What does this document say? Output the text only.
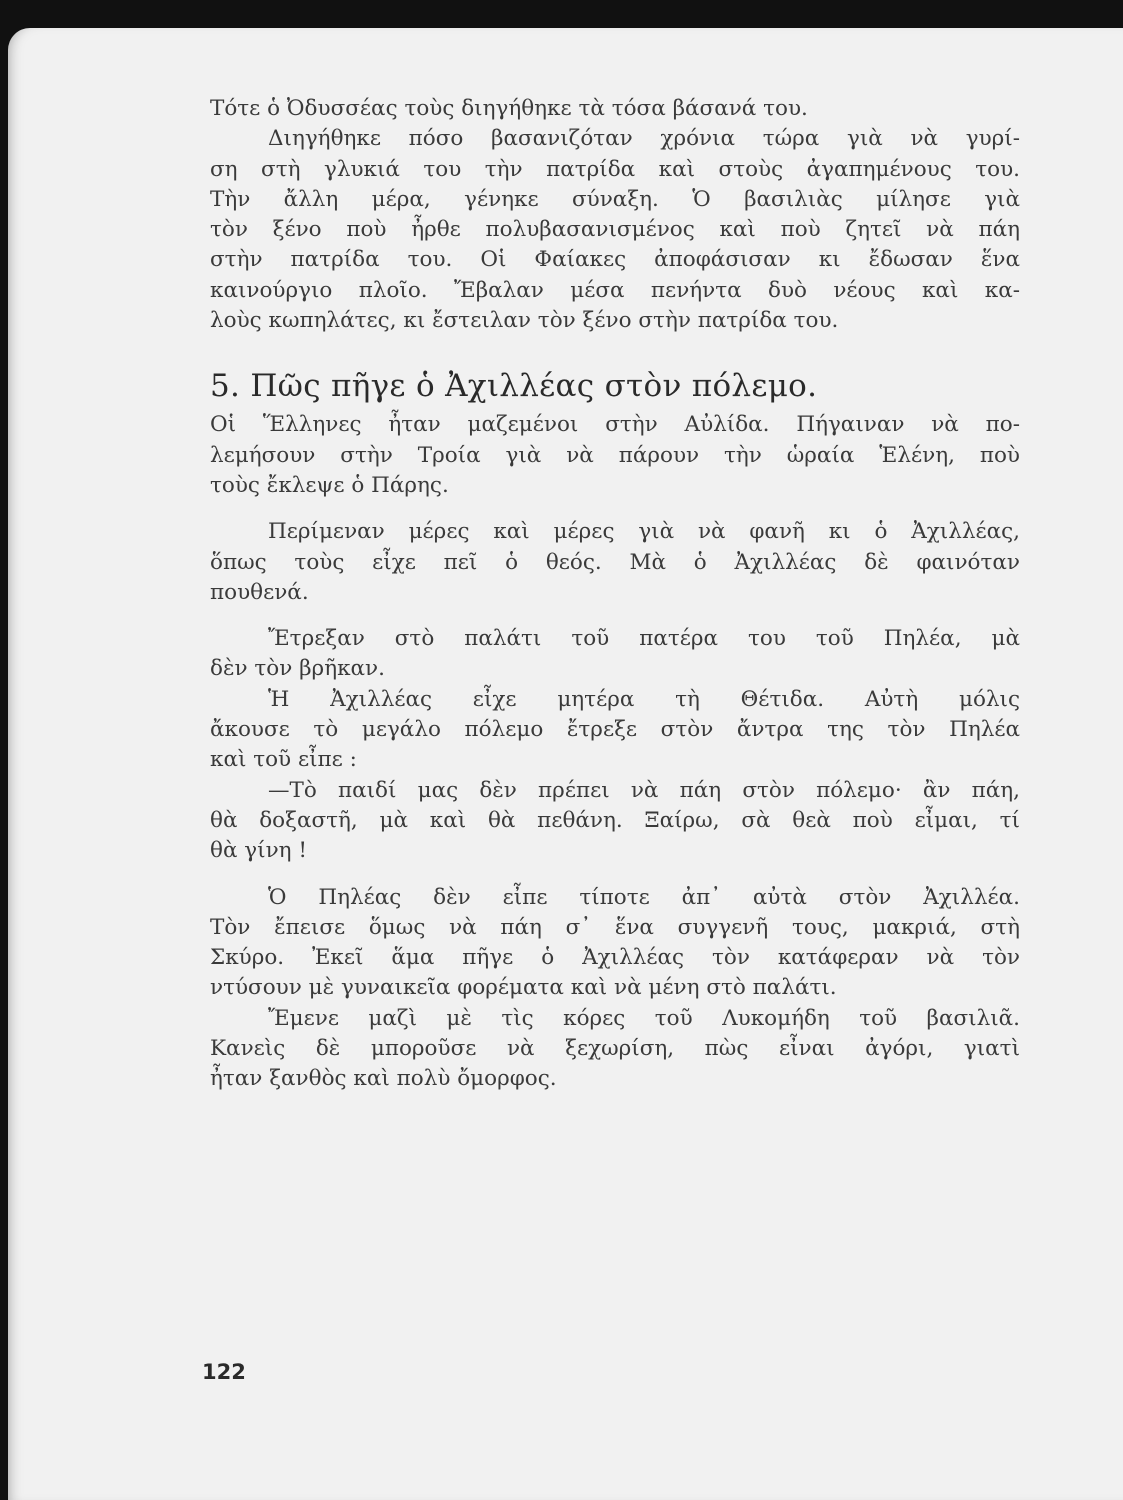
Τότε ὁ Ὀδυσσέας τοὺς διηγήθηκε τὰ τόσα βάσανά του.
Διηγήθηκε πόσο βασανιζόταν χρόνια τώρα γιὰ νὰ γυρί-
ση στὴ γλυκιά του τὴν πατρίδα καὶ στοὺς ἀγαπημένους του.
Τὴν ἄλλη μέρα, γένηκε σύναξη. Ὁ βασιλιὰς μίλησε γιὰ
τὸν ξένο ποὺ ἦρθε πολυβασανισμένος καὶ ποὺ ζητεῖ νὰ πάη
στὴν πατρίδα του. Οἱ Φαίακες ἀποφάσισαν κι ἔδωσαν ἕνα
καινούργιο πλοῖο. Ἔβαλαν μέσα πενήντα δυὸ νέους καὶ κα-
λοὺς κωπηλάτες, κι ἔστειλαν τὸν ξένο στὴν πατρίδα του.
5. Πῶς πῆγε ὁ Ἀχιλλέας στὸν πόλεμο.
Οἱ Ἕλληνες ἦταν μαζεμένοι στὴν Αὐλίδα. Πήγαιναν νὰ πο-
λεμήσουν στὴν Τροία γιὰ νὰ πάρουν τὴν ὡραία Ἑλένη, ποὺ
τοὺς ἔκλεψε ὁ Πάρης.
Περίμεναν μέρες καὶ μέρες γιὰ νὰ φανῆ κι ὁ Ἀχιλλέας,
ὅπως τοὺς εἶχε πεῖ ὁ θεός. Μὰ ὁ Ἀχιλλέας δὲ φαινόταν
πουθενά.
Ἔτρεξαν στὸ παλάτι τοῦ πατέρα του τοῦ Πηλέα, μὰ
δὲν τὸν βρῆκαν.
Ἡ Ἀχιλλέας εἶχε μητέρα τὴ Θέτιδα. Αὐτὴ μόλις
ἄκουσε τὸ μεγάλο πόλεμο ἔτρεξε στὸν ἄντρα της τὸν Πηλέα
καὶ τοῦ εἶπε :
—Τὸ παιδί μας δὲν πρέπει νὰ πάη στὸν πόλεμο· ἂν πάη,
θὰ δοξαστῆ, μὰ καὶ θὰ πεθάνη. Ξαίρω, σὰ θεὰ ποὺ εἶμαι, τί
θὰ γίνη !
Ὁ Πηλέας δὲν εἶπε τίποτε ἀπ᾽ αὐτὰ στὸν Ἀχιλλέα.
Τὸν ἔπεισε ὅμως νὰ πάη σ᾽ ἕνα συγγενῆ τους, μακριά, στὴ
Σκύρο. Ἐκεῖ ἅμα πῆγε ὁ Ἀχιλλέας τὸν κατάφεραν νὰ τὸν
ντύσουν μὲ γυναικεῖα φορέματα καὶ νὰ μένη στὸ παλάτι.
Ἔμενε μαζὶ μὲ τὶς κόρες τοῦ Λυκομήδη τοῦ βασιλιᾶ.
Κανεὶς δὲ μποροῦσε νὰ ξεχωρίση, πὼς εἶναι ἀγόρι, γιατὶ
ἦταν ξανθὸς καὶ πολὺ ὄμορφος.
122
